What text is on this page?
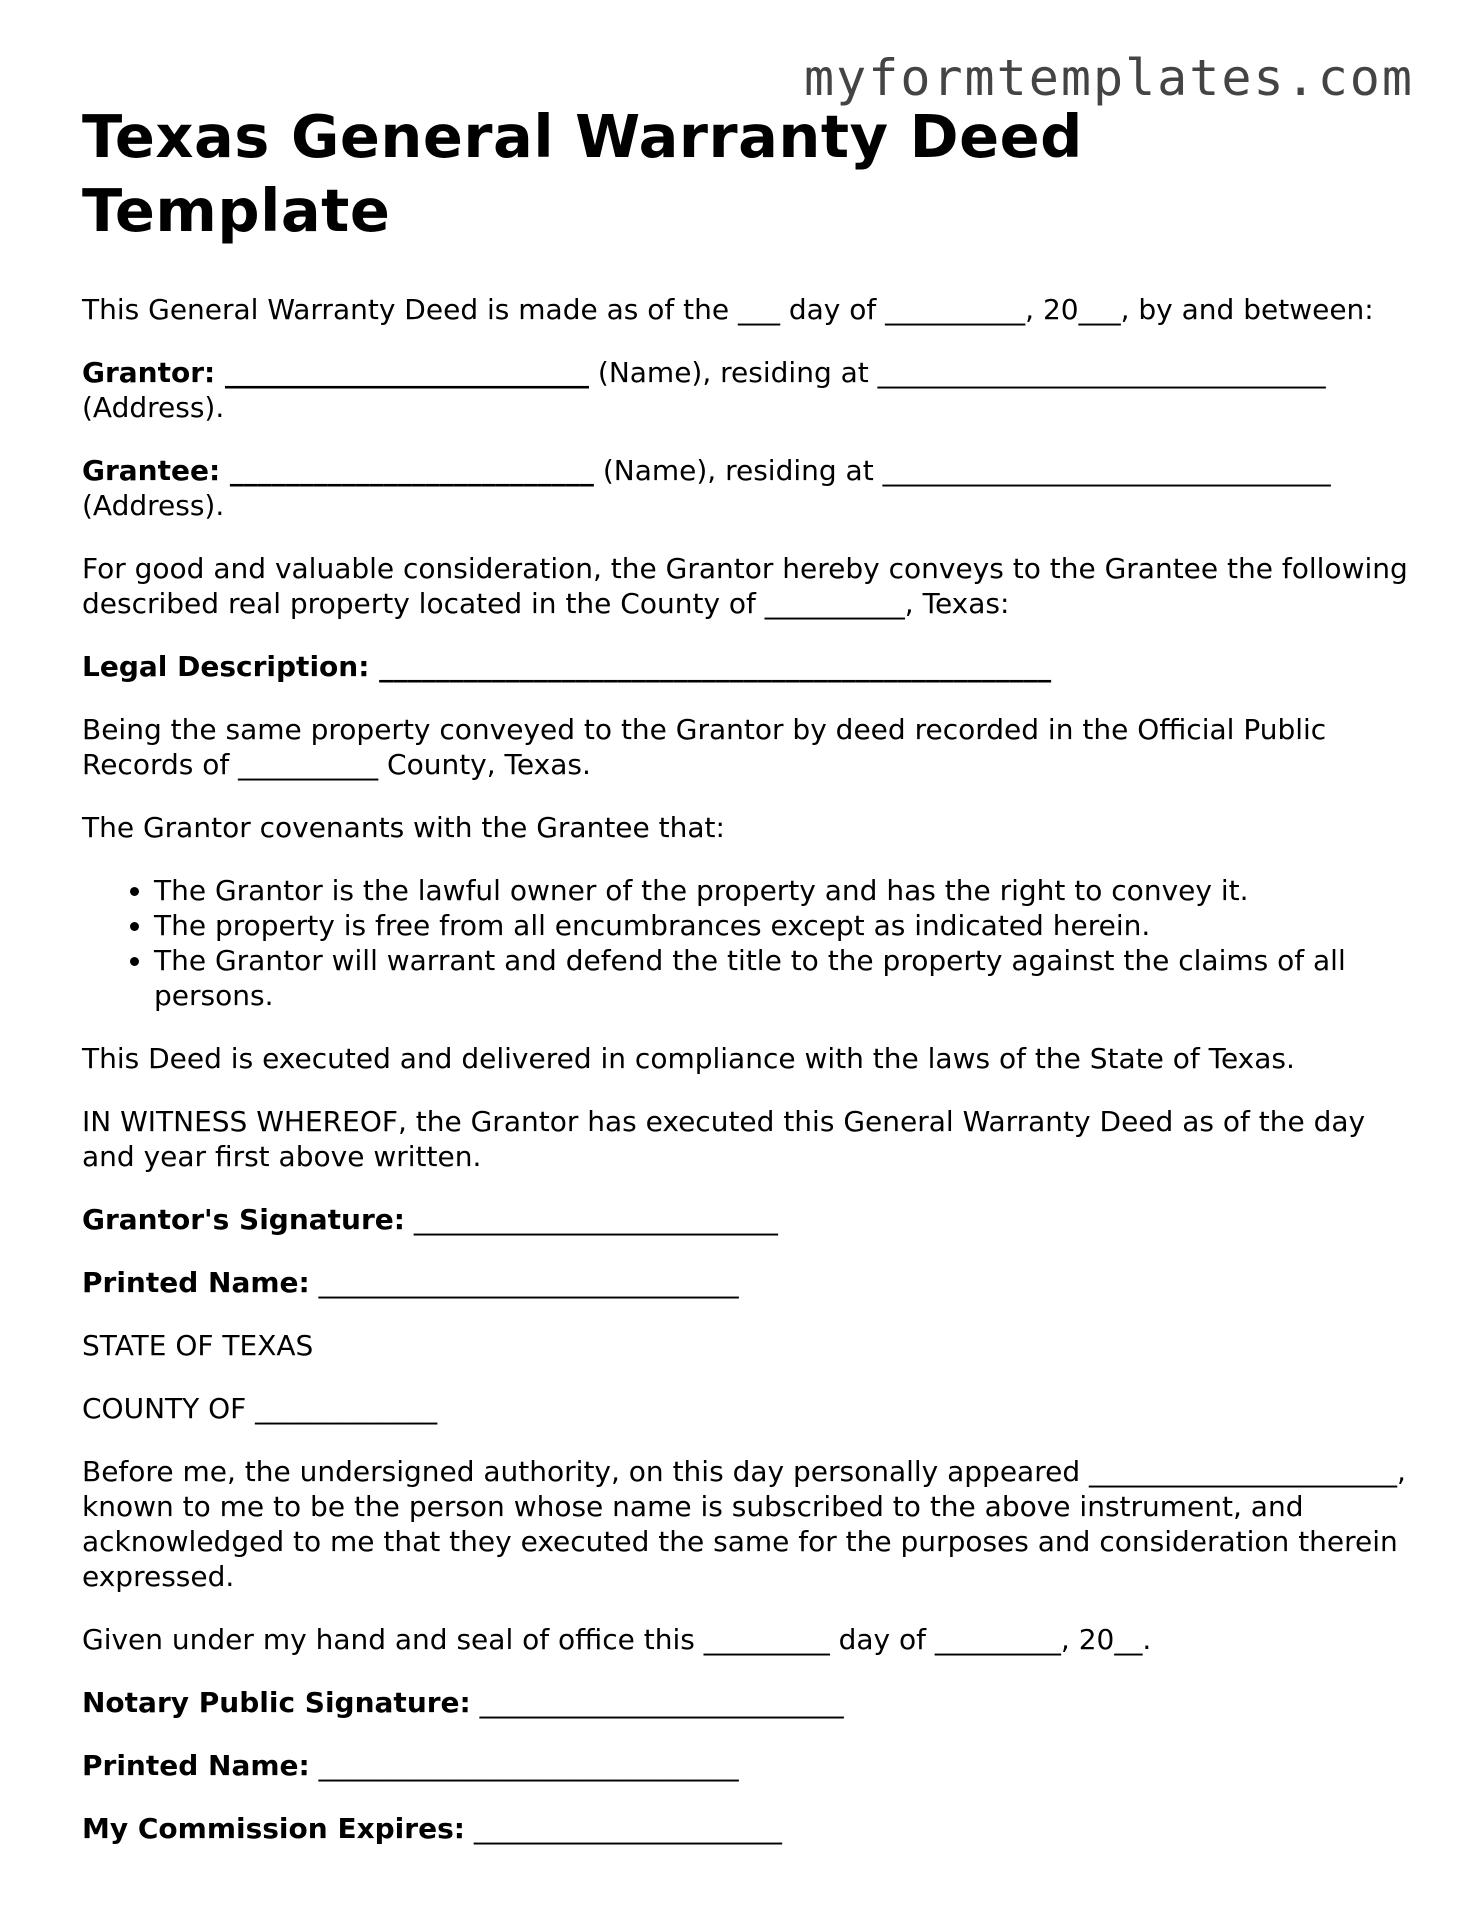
myformtemplates.com
Texas General Warranty Deed Template

This General Warranty Deed is made as of the ___ day of __________, 20___, by and between:

Grantor: __________________________ (Name), residing at ________________________________ (Address).

Grantee: __________________________ (Name), residing at ________________________________ (Address).

For good and valuable consideration, the Grantor hereby conveys to the Grantee the following described real property located in the County of __________, Texas:

Legal Description: ________________________________________________

Being the same property conveyed to the Grantor by deed recorded in the Official Public Records of __________ County, Texas.

The Grantor covenants with the Grantee that:

• The Grantor is the lawful owner of the property and has the right to convey it.
• The property is free from all encumbrances except as indicated herein.
• The Grantor will warrant and defend the title to the property against the claims of all persons.

This Deed is executed and delivered in compliance with the laws of the State of Texas.

IN WITNESS WHEREOF, the Grantor has executed this General Warranty Deed as of the day and year first above written.

Grantor's Signature: __________________________

Printed Name: ______________________________

STATE OF TEXAS

COUNTY OF _____________

Before me, the undersigned authority, on this day personally appeared ______________________, known to me to be the person whose name is subscribed to the above instrument, and acknowledged to me that they executed the same for the purposes and consideration therein expressed.

Given under my hand and seal of office this _________ day of _________, 20__.

Notary Public Signature: __________________________

Printed Name: ______________________________

My Commission Expires: ______________________
